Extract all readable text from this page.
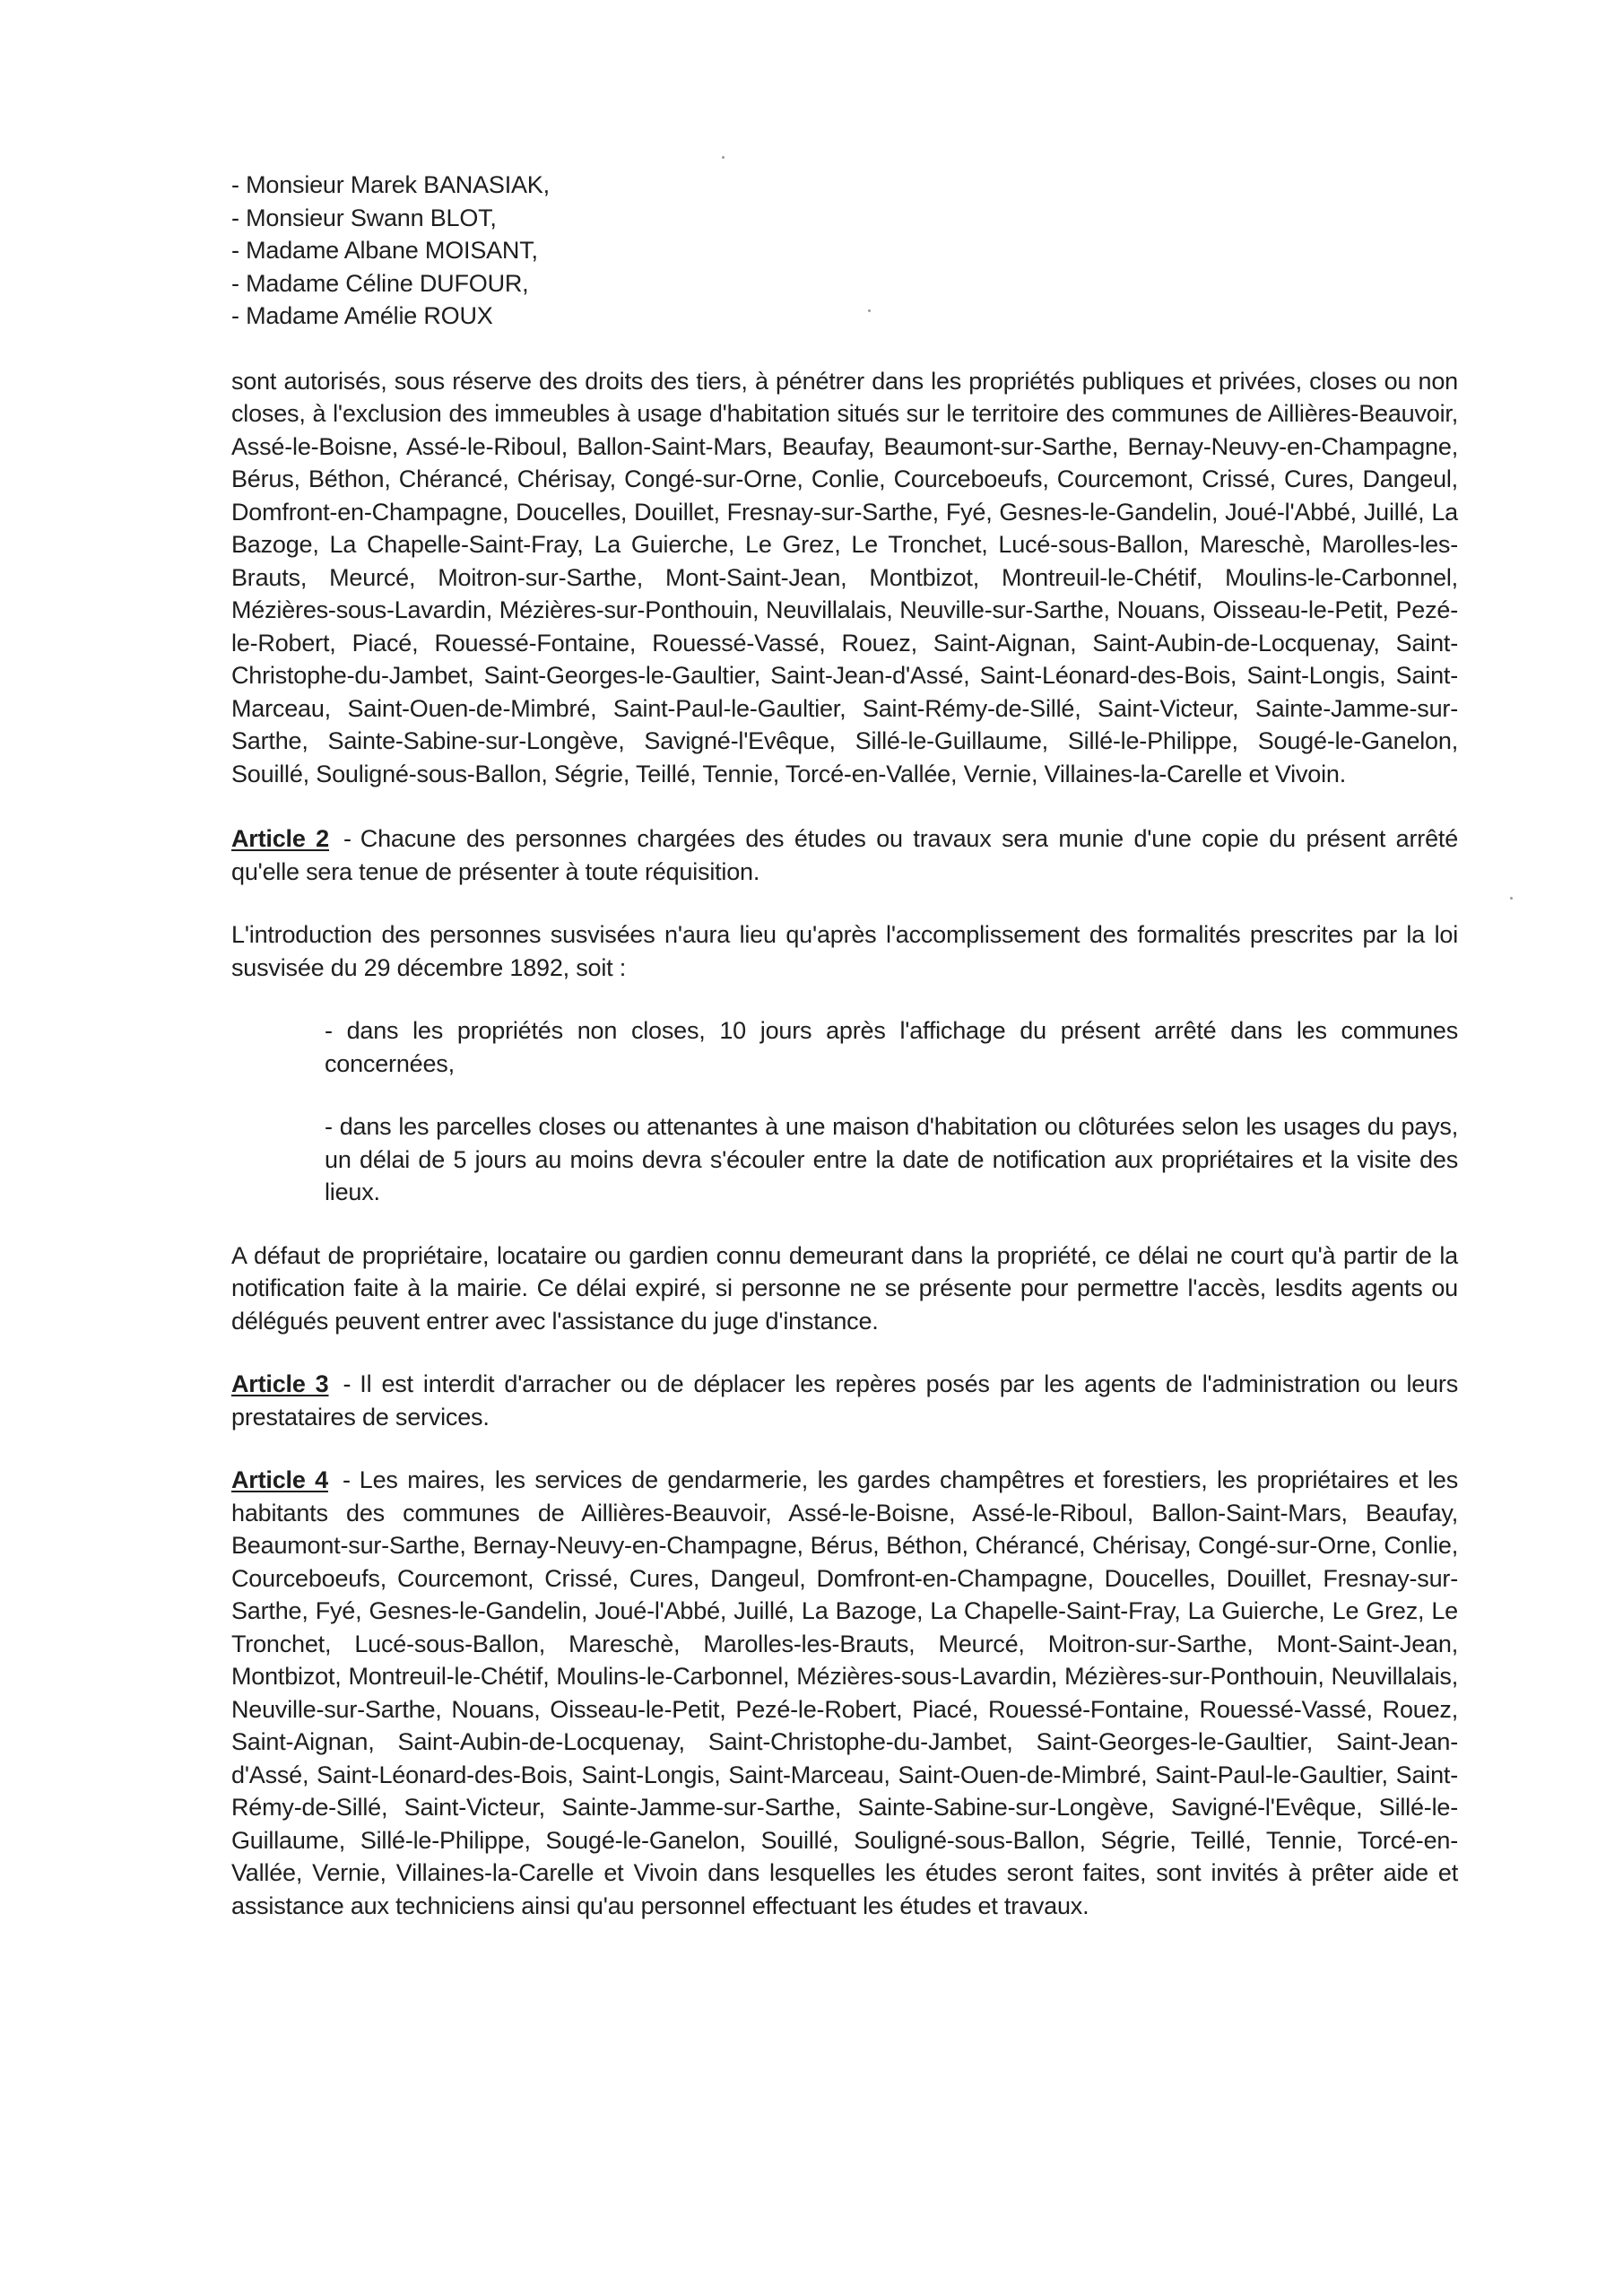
- Monsieur Marek BANASIAK,
- Monsieur Swann BLOT,
- Madame Albane MOISANT,
- Madame Céline DUFOUR,
- Madame Amélie ROUX

sont autorisés, sous réserve des droits des tiers, à pénétrer dans les propriétés publiques et privées, closes ou non closes, à l'exclusion des immeubles à usage d'habitation situés sur le territoire des communes de Aillières-Beauvoir, Assé-le-Boisne, Assé-le-Riboul, Ballon-Saint-Mars, Beaufay, Beaumont-sur-Sarthe, Bernay-Neuvy-en-Champagne, Bérus, Béthon, Chérancé, Chérisay, Congé-sur-Orne, Conlie, Courceboeufs, Courcemont, Crissé, Cures, Dangeul, Domfront-en-Champagne, Doucelles, Douillet, Fresnay-sur-Sarthe, Fyé, Gesnes-le-Gandelin, Joué-l'Abbé, Juillé, La Bazoge, La Chapelle-Saint-Fray, La Guierche, Le Grez, Le Tronchet, Lucé-sous-Ballon, Mareschè, Marolles-les-Brauts, Meurcé, Moitron-sur-Sarthe, Mont-Saint-Jean, Montbizot, Montreuil-le-Chétif, Moulins-le-Carbonnel, Mézières-sous-Lavardin, Mézières-sur-Ponthouin, Neuvillalais, Neuville-sur-Sarthe, Nouans, Oisseau-le-Petit, Pezé-le-Robert, Piacé, Rouessé-Fontaine, Rouessé-Vassé, Rouez, Saint-Aignan, Saint-Aubin-de-Locquenay, Saint-Christophe-du-Jambet, Saint-Georges-le-Gaultier, Saint-Jean-d'Assé, Saint-Léonard-des-Bois, Saint-Longis, Saint-Marceau, Saint-Ouen-de-Mimbré, Saint-Paul-le-Gaultier, Saint-Rémy-de-Sillé, Saint-Victeur, Sainte-Jamme-sur-Sarthe, Sainte-Sabine-sur-Longève, Savigné-l'Evêque, Sillé-le-Guillaume, Sillé-le-Philippe, Sougé-le-Ganelon, Souillé, Souligné-sous-Ballon, Ségrie, Teillé, Tennie, Torcé-en-Vallée, Vernie, Villaines-la-Carelle et Vivoin.

Article 2 - Chacune des personnes chargées des études ou travaux sera munie d'une copie du présent arrêté qu'elle sera tenue de présenter à toute réquisition.

L'introduction des personnes susvisées n'aura lieu qu'après l'accomplissement des formalités prescrites par la loi susvisée du 29 décembre 1892, soit :

- dans les propriétés non closes, 10 jours après l'affichage du présent arrêté dans les communes concernées,

- dans les parcelles closes ou attenantes à une maison d'habitation ou clôturées selon les usages du pays, un délai de 5 jours au moins devra s'écouler entre la date de notification aux propriétaires et la visite des lieux.

A défaut de propriétaire, locataire ou gardien connu demeurant dans la propriété, ce délai ne court qu'à partir de la notification faite à la mairie. Ce délai expiré, si personne ne se présente pour permettre l'accès, lesdits agents ou délégués peuvent entrer avec l'assistance du juge d'instance.

Article 3 - Il est interdit d'arracher ou de déplacer les repères posés par les agents de l'administration ou leurs prestataires de services.

Article 4 - Les maires, les services de gendarmerie, les gardes champêtres et forestiers, les propriétaires et les habitants des communes de Aillières-Beauvoir, Assé-le-Boisne, Assé-le-Riboul, Ballon-Saint-Mars, Beaufay, Beaumont-sur-Sarthe, Bernay-Neuvy-en-Champagne, Bérus, Béthon, Chérancé, Chérisay, Congé-sur-Orne, Conlie, Courceboeufs, Courcemont, Crissé, Cures, Dangeul, Domfront-en-Champagne, Doucelles, Douillet, Fresnay-sur-Sarthe, Fyé, Gesnes-le-Gandelin, Joué-l'Abbé, Juillé, La Bazoge, La Chapelle-Saint-Fray, La Guierche, Le Grez, Le Tronchet, Lucé-sous-Ballon, Mareschè, Marolles-les-Brauts, Meurcé, Moitron-sur-Sarthe, Mont-Saint-Jean, Montbizot, Montreuil-le-Chétif, Moulins-le-Carbonnel, Mézières-sous-Lavardin, Mézières-sur-Ponthouin, Neuvillalais, Neuville-sur-Sarthe, Nouans, Oisseau-le-Petit, Pezé-le-Robert, Piacé, Rouessé-Fontaine, Rouessé-Vassé, Rouez, Saint-Aignan, Saint-Aubin-de-Locquenay, Saint-Christophe-du-Jambet, Saint-Georges-le-Gaultier, Saint-Jean-d'Assé, Saint-Léonard-des-Bois, Saint-Longis, Saint-Marceau, Saint-Ouen-de-Mimbré, Saint-Paul-le-Gaultier, Saint-Rémy-de-Sillé, Saint-Victeur, Sainte-Jamme-sur-Sarthe, Sainte-Sabine-sur-Longève, Savigné-l'Evêque, Sillé-le-Guillaume, Sillé-le-Philippe, Sougé-le-Ganelon, Souillé, Souligné-sous-Ballon, Ségrie, Teillé, Tennie, Torcé-en-Vallée, Vernie, Villaines-la-Carelle et Vivoin dans lesquelles les études seront faites, sont invités à prêter aide et assistance aux techniciens ainsi qu'au personnel effectuant les études et travaux.
